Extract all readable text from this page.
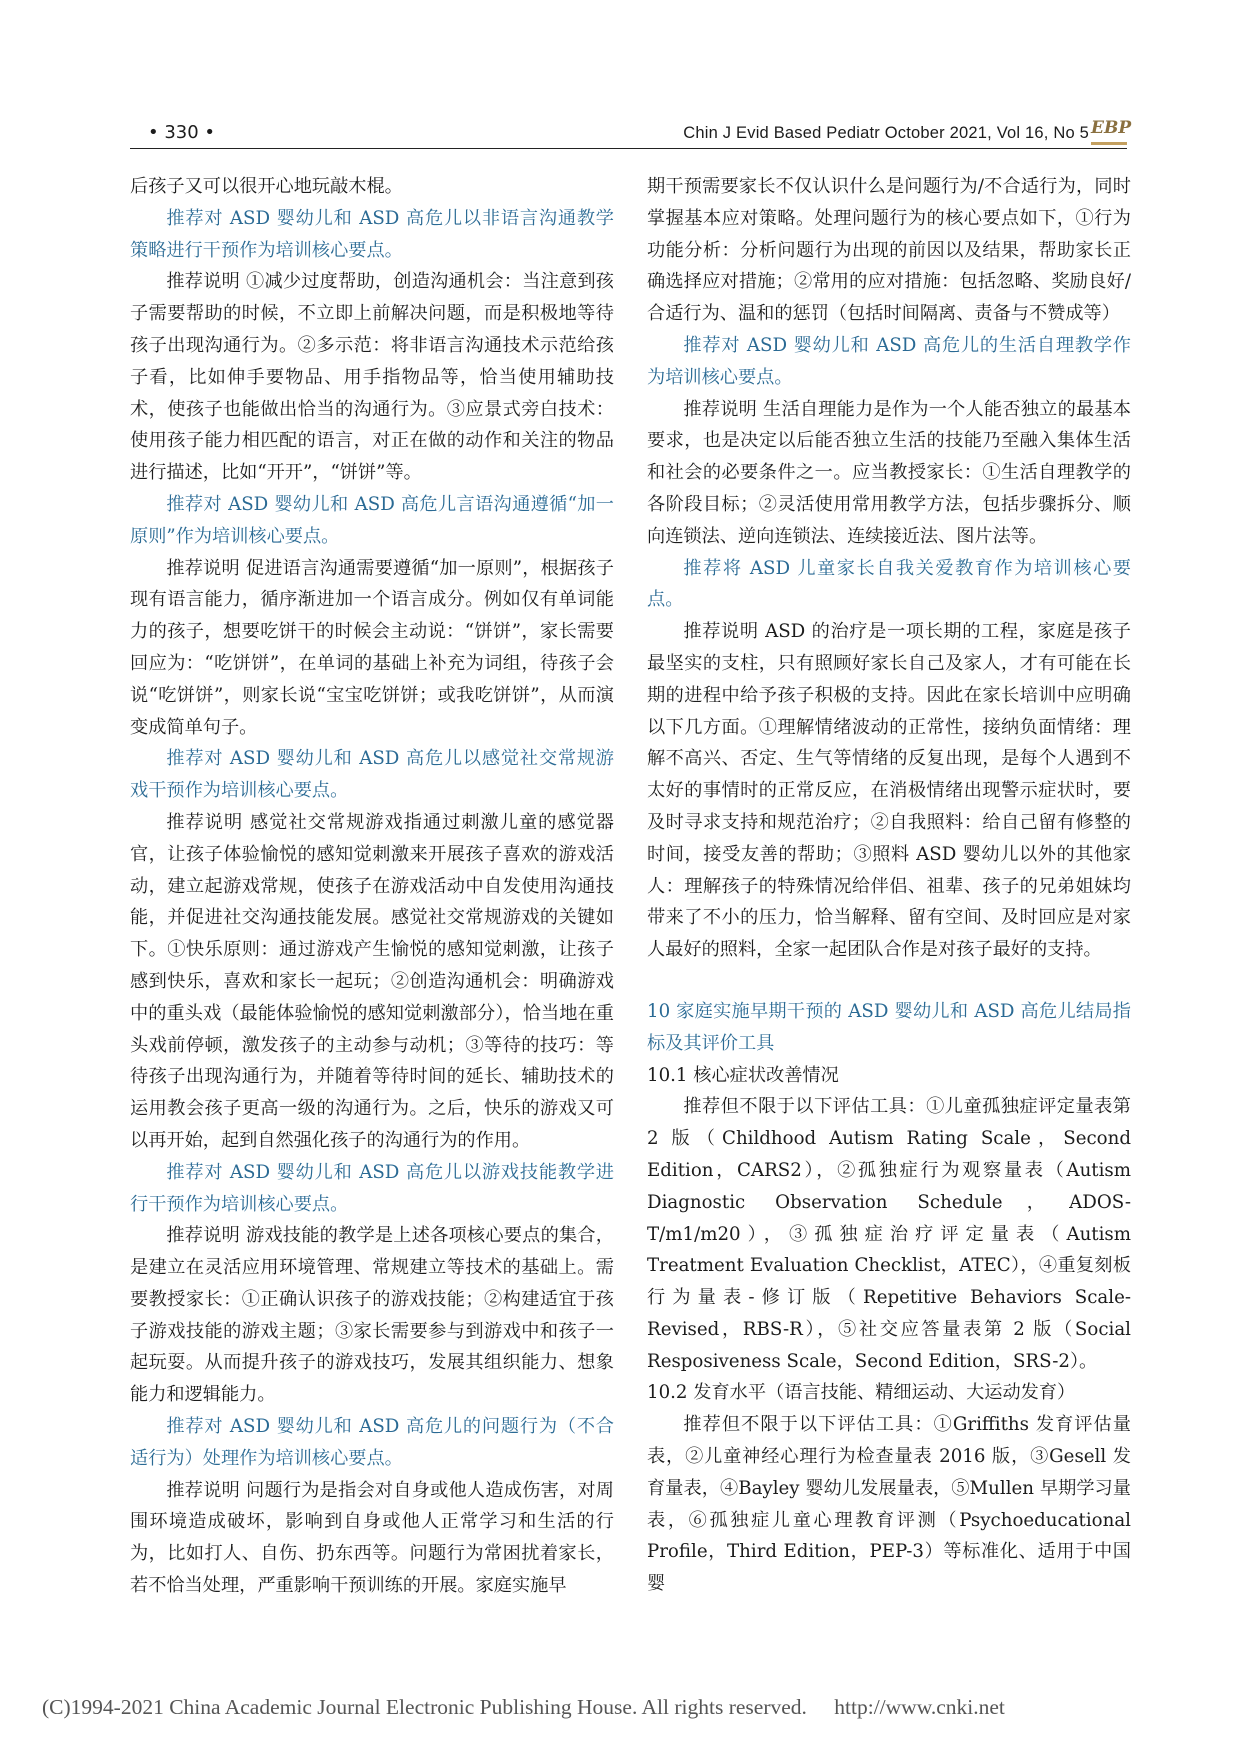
• 330 •	Chin J Evid Based Pediatr October 2021, Vol 16, No 5 EBP

后孩子又可以很开心地玩敲木棍。

推荐对 ASD 婴幼儿和 ASD 高危儿以非语言沟通教学策略进行干预作为培训核心要点。

推荐说明 ①减少过度帮助，创造沟通机会：当注意到孩子需要帮助的时候，不立即上前解决问题，而是积极地等待孩子出现沟通行为。②多示范：将非语言沟通技术示范给孩子看，比如伸手要物品、用手指物品等，恰当使用辅助技术，使孩子也能做出恰当的沟通行为。③应景式旁白技术：使用孩子能力相匹配的语言，对正在做的动作和关注的物品进行描述，比如“开开”，“饼饼”等。

推荐对 ASD 婴幼儿和 ASD 高危儿言语沟通遵循“加一原则”作为培训核心要点。

推荐说明 促进语言沟通需要遵循“加一原则”，根据孩子现有语言能力，循序渐进加一个语言成分。例如仅有单词能力的孩子，想要吃饼干的时候会主动说：“饼饼”，家长需要回应为：“吃饼饼”，在单词的基础上补充为词组，待孩子会说“吃饼饼”，则家长说“宝宝吃饼饼；或我吃饼饼”，从而演变成简单句子。

推荐对 ASD 婴幼儿和 ASD 高危儿以感觉社交常规游戏干预作为培训核心要点。

推荐说明 感觉社交常规游戏指通过刺激儿童的感觉器官，让孩子体验愉悦的感知觉刺激来开展孩子喜欢的游戏活动，建立起游戏常规，使孩子在游戏活动中自发使用沟通技能，并促进社交沟通技能发展。感觉社交常规游戏的关键如下。①快乐原则：通过游戏产生愉悦的感知觉刺激，让孩子感到快乐，喜欢和家长一起玩；②创造沟通机会：明确游戏中的重头戏（最能体验愉悦的感知觉刺激部分），恰当地在重头戏前停顿，激发孩子的主动参与动机；③等待的技巧：等待孩子出现沟通行为，并随着等待时间的延长、辅助技术的运用教会孩子更高一级的沟通行为。之后，快乐的游戏又可以再开始，起到自然强化孩子的沟通行为的作用。

推荐对 ASD 婴幼儿和 ASD 高危儿以游戏技能教学进行干预作为培训核心要点。

推荐说明 游戏技能的教学是上述各项核心要点的集合，是建立在灵活应用环境管理、常规建立等技术的基础上。需要教授家长：①正确认识孩子的游戏技能；②构建适宜于孩子游戏技能的游戏主题；③家长需要参与到游戏中和孩子一起玩耍。从而提升孩子的游戏技巧，发展其组织能力、想象能力和逻辑能力。

推荐对 ASD 婴幼儿和 ASD 高危儿的问题行为（不合适行为）处理作为培训核心要点。

推荐说明 问题行为是指会对自身或他人造成伤害，对周围环境造成破坏，影响到自身或他人正常学习和生活的行为，比如打人、自伤、扔东西等。问题行为常困扰着家长，若不恰当处理，严重影响干预训练的开展。家庭实施早

期干预需要家长不仅认识什么是问题行为/不合适行为，同时掌握基本应对策略。处理问题行为的核心要点如下，①行为功能分析：分析问题行为出现的前因以及结果，帮助家长正确选择应对措施；②常用的应对措施：包括忽略、奖励良好/合适行为、温和的惩罚（包括时间隔离、责备与不赞成等）

推荐对 ASD 婴幼儿和 ASD 高危儿的生活自理教学作为培训核心要点。

推荐说明 生活自理能力是作为一个人能否独立的最基本要求，也是决定以后能否独立生活的技能乃至融入集体生活和社会的必要条件之一。应当教授家长：①生活自理教学的各阶段目标；②灵活使用常用教学方法，包括步骤拆分、顺向连锁法、逆向连锁法、连续接近法、图片法等。

推荐将 ASD 儿童家长自我关爱教育作为培训核心要点。

推荐说明 ASD 的治疗是一项长期的工程，家庭是孩子最坚实的支柱，只有照顾好家长自己及家人，才有可能在长期的进程中给予孩子积极的支持。因此在家长培训中应明确以下几方面。①理解情绪波动的正常性，接纳负面情绪：理解不高兴、否定、生气等情绪的反复出现，是每个人遇到不太好的事情时的正常反应，在消极情绪出现警示症状时，要及时寻求支持和规范治疗；②自我照料：给自己留有修整的时间，接受友善的帮助；③照料 ASD 婴幼儿以外的其他家人：理解孩子的特殊情况给伴侣、祖辈、孩子的兄弟姐妹均带来了不小的压力，恰当解释、留有空间、及时回应是对家人最好的照料，全家一起团队合作是对孩子最好的支持。

10 家庭实施早期干预的 ASD 婴幼儿和 ASD 高危儿结局指标及其评价工具

10.1 核心症状改善情况

推荐但不限于以下评估工具：①儿童孤独症评定量表第 2 版（Childhood Autism Rating Scale，Second Edition，CARS2），②孤独症行为观察量表（Autism Diagnostic Observation Schedule，ADOS-T/m1/m20），③孤独症治疗评定量表（Autism Treatment Evaluation Checklist，ATEC），④重复刻板行为量表-修订版（Repetitive Behaviors Scale-Revised，RBS-R），⑤社交应答量表第 2 版（Social Resposiveness Scale，Second Edition，SRS-2）。

10.2 发育水平（语言技能、精细运动、大运动发育）

推荐但不限于以下评估工具：①Griffiths 发育评估量表，②儿童神经心理行为检查量表 2016 版，③Gesell 发育量表，④Bayley 婴幼儿发展量表，⑤Mullen 早期学习量表，⑥孤独症儿童心理教育评测（Psychoeducational Profile，Third Edition，PEP-3）等标准化、适用于中国婴

(C)1994-2021 China Academic Journal Electronic Publishing House. All rights reserved. http://www.cnki.net
